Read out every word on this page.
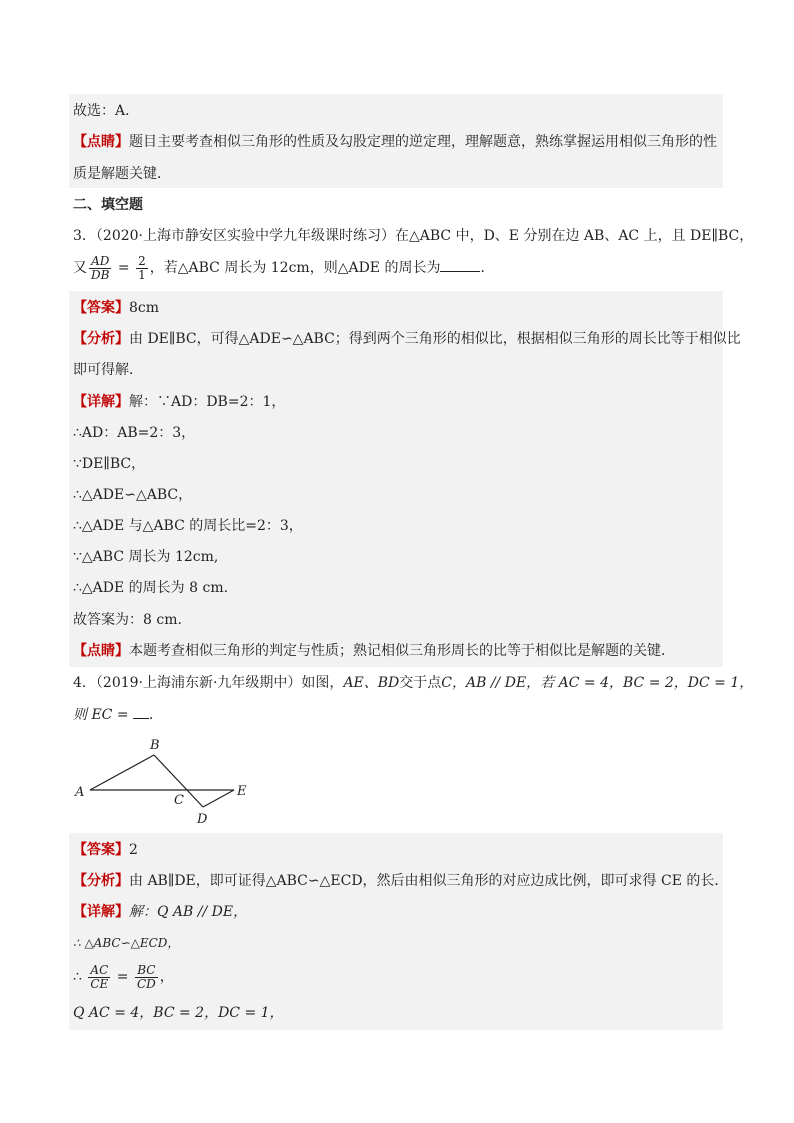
故选：A．
【点睛】题目主要考查相似三角形的性质及勾股定理的逆定理，理解题意，熟练掌握运用相似三角形的性
质是解题关键．
二、填空题
3．（2020·上海市静安区实验中学九年级课时练习）在△ABC 中，D、E 分别在边 AB、AC 上，且 DE∥BC，
又 $\frac{AD}{DB} = \frac{2}{1}$ ，若△ABC 周长为 12cm，则△ADE 的周长为	．
【答案】8cm
【分析】由 DE∥BC，可得△ADE∽△ABC；得到两个三角形的相似比，根据相似三角形的周长比等于相似比
即可得解．
【详解】解：∵AD：DB=2：1，
∴AD：AB=2：3，
∵DE∥BC，
∴△ADE∽△ABC，
∴△ADE 与△ABC 的周长比=2：3，
∵△ABC 周长为 12cm,
∴△ADE 的周长为 8 cm.
故答案为：8 cm.
【点睛】本题考查相似三角形的判定与性质；熟记相似三角形周长的比等于相似比是解题的关键．
4．（2019·上海浦东新·九年级期中）如图，AE、BD交于点C，AB // DE，若 AC = 4，BC = 2，DC = 1，
则 EC = ．
A
B
C
D
E
【答案】2
【分析】由 AB∥DE，即可证得△ABC∽△ECD，然后由相似三角形的对应边成比例，即可求得 CE 的长．
【详解】解：Q AB // DE，
∴ △ABC∽△ECD，
∴ $\frac{AC}{CE} = \frac{BC}{CD}$ ，
Q AC = 4，BC = 2，DC = 1，
